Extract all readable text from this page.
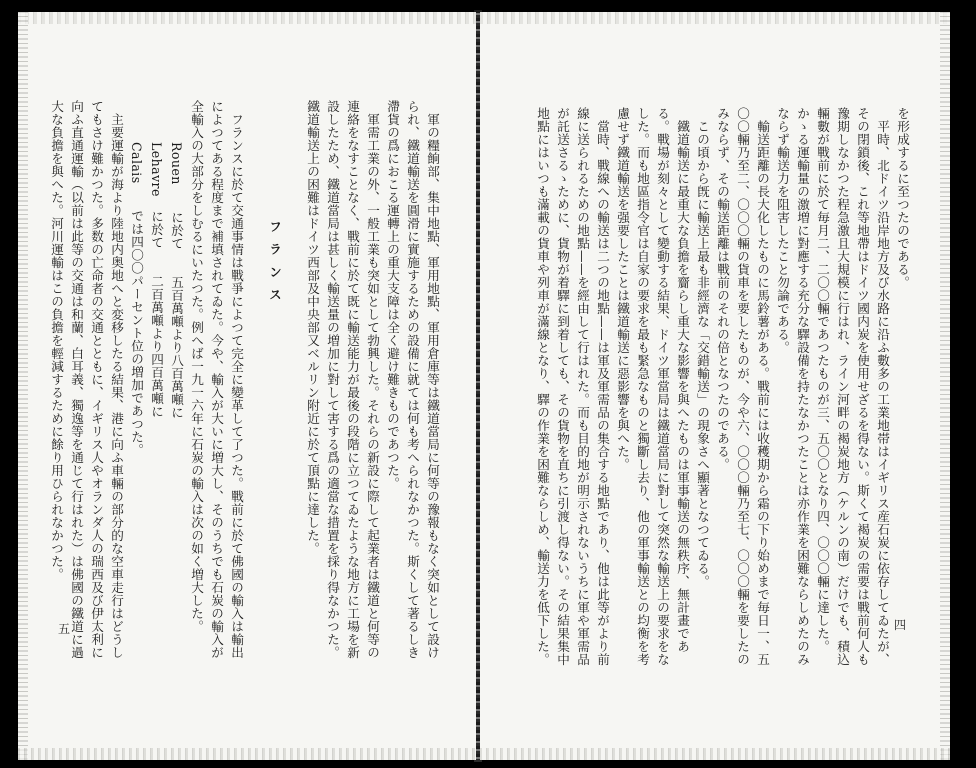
軍の糧餉部、集中地點、軍用地點、軍用倉庫等は鐵道當局に何等の豫報もなく突如として設けられ、鐵道輸送を圓滑に實施するための設備に就ては何も考へられなかつた。斯くして著るしき滯貨の爲におこる運轉上の重大支障は全く避け難きものであつた。

軍需工業の外、一般工業も突如として勃興した。それらの新設に際して起業者は鐵道と何等の連絡をなすことなく、戰前に於て既に輸送能力が最後の段階に立つてゐたような地方に工場を新設したため、鐵道當局は甚しく輸送量の増加に對して害する爲の適當な措置を採り得なかつた。鐵道輸送上の困難はドイツ西部及中央部又ベルリン附近に於て頂點に達した。

フランス

フランスに於て交通事情は戰爭によつて完全に變革して了つた。戰前に於て佛國の輸入は輸出によつてある程度まで補填されてゐた。今や、輸入が大いに増大し、そのうちでも石炭の輸入が全輸入の大部分をしむるにいたつた。例へば一九一六年に石炭の輸入は次の如く増大した。

Rouen　　に於て　　五百萬噸より八百萬噸に

Lehavre　に於て　　二百萬噸より四百萬噸に

Calais　　では四〇〇パーセント位の増加であつた。

主要運輸が海より陸地内奥地へと変移したる結果、港に向ふ車輛の部分的な空車走行はどうしてもさけ難かつた。多数の亡命者の交通とともに、イギリス人やオランダ人の瑞西及び伊太利に向ふ直通運輸（以前は此等の交通は和蘭、白耳義、獨逸等を通じて行はれた）は佛國の鐵道に過大な負擔を與へた。河川運輸はこの負擔を輕減するために餘り用ひられなかつた。

五

を形成するに至つたのである。

平時、北ドイツ沿岸地方及び水路に沿ふ數多の工業地帯はイギリス産石炭に依存してゐたが、その閉鎖後、これ等地帶はドイツ國内炭を使用せざるを得ない。斯くて褐炭の需要は戰前何人も豫期しなかつた程急激且大規模に行はれ、ライン河畔の褐炭地方（ケルンの南）だけでも、積込輛數が戰前に於て毎月二、二〇〇輛であつたものが三、五〇〇となり四、〇〇〇輛に達した。かゝる運輸量の激増に對應する充分な驛設備を持たなかつたことは亦作業を困難ならしめたのみならず輸送力を阻害したこと勿論である。

輸送距離の長大化したものに馬鈴薯がある。戰前には收穫期から霜の下り始めまで毎日一、五〇〇輛乃至二、〇〇〇輛の貨車を要したものが、今や六、〇〇〇輛乃至七、〇〇〇輛を要したのみならず、その輸送距離は戰前のそれの倍となつたのである。

この頃から旣に輸送上最も非經濟な「交錯輸送」の現象さへ顯著となつてゐる。

鐵道輸送に最重大な負擔を齎らし重大な影響を與へたものは軍事輸送の無秩序、無計畫である。戰場が刻々として變動する結果、ドイツ軍當局は鐵道當局に對して突然な輸送上の要求をなした。而も地區指令官は自家の要求を最も緊急なものと獨斷し去り、他の軍事輸送との均衡を考慮せず鐵道輸送を强要したことは鐵道輸送に惡影響を與へた。

當時、戰線への輸送は二つの地點——は軍及軍需品の集合する地點であり、他は此等がより前線に送られるための地點——を經由して行はれた。而も目的地が明示されないうちに軍や軍需品が託送さるゝために、貨物が着驛に到着しても、その貨物を直ちに引渡し得ない。その結果集中地點にはいつも滿載の貨車や列車が滿線となり、驛の作業を困難ならしめ、輸送力を低下した。	四
